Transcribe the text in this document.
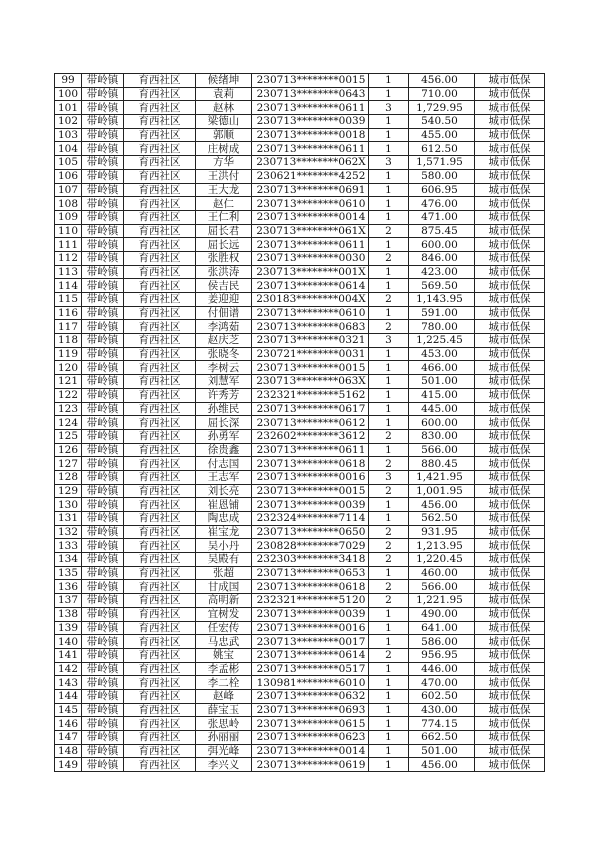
99	带岭镇	育西社区	候绪坤	230713********0015	1	456.00	城市低保
100	带岭镇	育西社区	袁莉	230713********0643	1	710.00	城市低保
101	带岭镇	育西社区	赵林	230713********0611	3	1,729.95	城市低保
102	带岭镇	育西社区	梁德山	230713********0039	1	540.50	城市低保
103	带岭镇	育西社区	郭顺	230713********0018	1	455.00	城市低保
104	带岭镇	育西社区	庄树成	230713********0611	1	612.50	城市低保
105	带岭镇	育西社区	方华	230713********062X	3	1,571.95	城市低保
106	带岭镇	育西社区	王洪付	230621********4252	1	580.00	城市低保
107	带岭镇	育西社区	王大龙	230713********0691	1	606.95	城市低保
108	带岭镇	育西社区	赵仁	230713********0610	1	476.00	城市低保
109	带岭镇	育西社区	王仁利	230713********0014	1	471.00	城市低保
110	带岭镇	育西社区	屈长君	230713********061X	2	875.45	城市低保
111	带岭镇	育西社区	屈长远	230713********0611	1	600.00	城市低保
112	带岭镇	育西社区	张胜权	230713********0030	2	846.00	城市低保
113	带岭镇	育西社区	张洪涛	230713********001X	1	423.00	城市低保
114	带岭镇	育西社区	侯吉民	230713********0614	1	569.50	城市低保
115	带岭镇	育西社区	姜迎迎	230183********004X	2	1,143.95	城市低保
116	带岭镇	育西社区	付佃谱	230713********0610	1	591.00	城市低保
117	带岭镇	育西社区	李鸿茹	230713********0683	2	780.00	城市低保
118	带岭镇	育西社区	赵庆芝	230713********0321	3	1,225.45	城市低保
119	带岭镇	育西社区	张晓冬	230721********0031	1	453.00	城市低保
120	带岭镇	育西社区	李树云	230713********0015	1	466.00	城市低保
121	带岭镇	育西社区	刘慧军	230713********063X	1	501.00	城市低保
122	带岭镇	育西社区	许秀芳	232321********5162	1	415.00	城市低保
123	带岭镇	育西社区	孙维民	230713********0617	1	445.00	城市低保
124	带岭镇	育西社区	屈长深	230713********0612	1	600.00	城市低保
125	带岭镇	育西社区	孙勇军	232602********3612	2	830.00	城市低保
126	带岭镇	育西社区	徐贵鑫	230713********0611	1	566.00	城市低保
127	带岭镇	育西社区	付志国	230713********0618	2	880.45	城市低保
128	带岭镇	育西社区	王志军	230713********0016	3	1,421.95	城市低保
129	带岭镇	育西社区	刘长亮	230713********0015	2	1,001.95	城市低保
130	带岭镇	育西社区	崔恩铺	230713********0039	1	456.00	城市低保
131	带岭镇	育西社区	陶忠成	232324********7114	1	562.50	城市低保
132	带岭镇	育西社区	崔宝龙	230713********0650	2	931.95	城市低保
133	带岭镇	育西社区	吴小丹	230828********7029	2	1,213.95	城市低保
134	带岭镇	育西社区	吴殿有	232303********3418	2	1,220.45	城市低保
135	带岭镇	育西社区	张超	230713********0653	1	460.00	城市低保
136	带岭镇	育西社区	甘成国	230713********0618	2	566.00	城市低保
137	带岭镇	育西社区	高明新	232321********5120	2	1,221.95	城市低保
138	带岭镇	育西社区	宜树发	230713********0039	1	490.00	城市低保
139	带岭镇	育西社区	任宏传	230713********0016	1	641.00	城市低保
140	带岭镇	育西社区	马忠武	230713********0017	1	586.00	城市低保
141	带岭镇	育西社区	姚宝	230713********0614	2	956.95	城市低保
142	带岭镇	育西社区	李孟彬	230713********0517	1	446.00	城市低保
143	带岭镇	育西社区	李二栓	130981********6010	1	470.00	城市低保
144	带岭镇	育西社区	赵峰	230713********0632	1	602.50	城市低保
145	带岭镇	育西社区	薛宝玉	230713********0693	1	430.00	城市低保
146	带岭镇	育西社区	张思岭	230713********0615	1	774.15	城市低保
147	带岭镇	育西社区	孙丽丽	230713********0623	1	662.50	城市低保
148	带岭镇	育西社区	弭光峰	230713********0014	1	501.00	城市低保
149	带岭镇	育西社区	李兴义	230713********0619	1	456.00	城市低保
